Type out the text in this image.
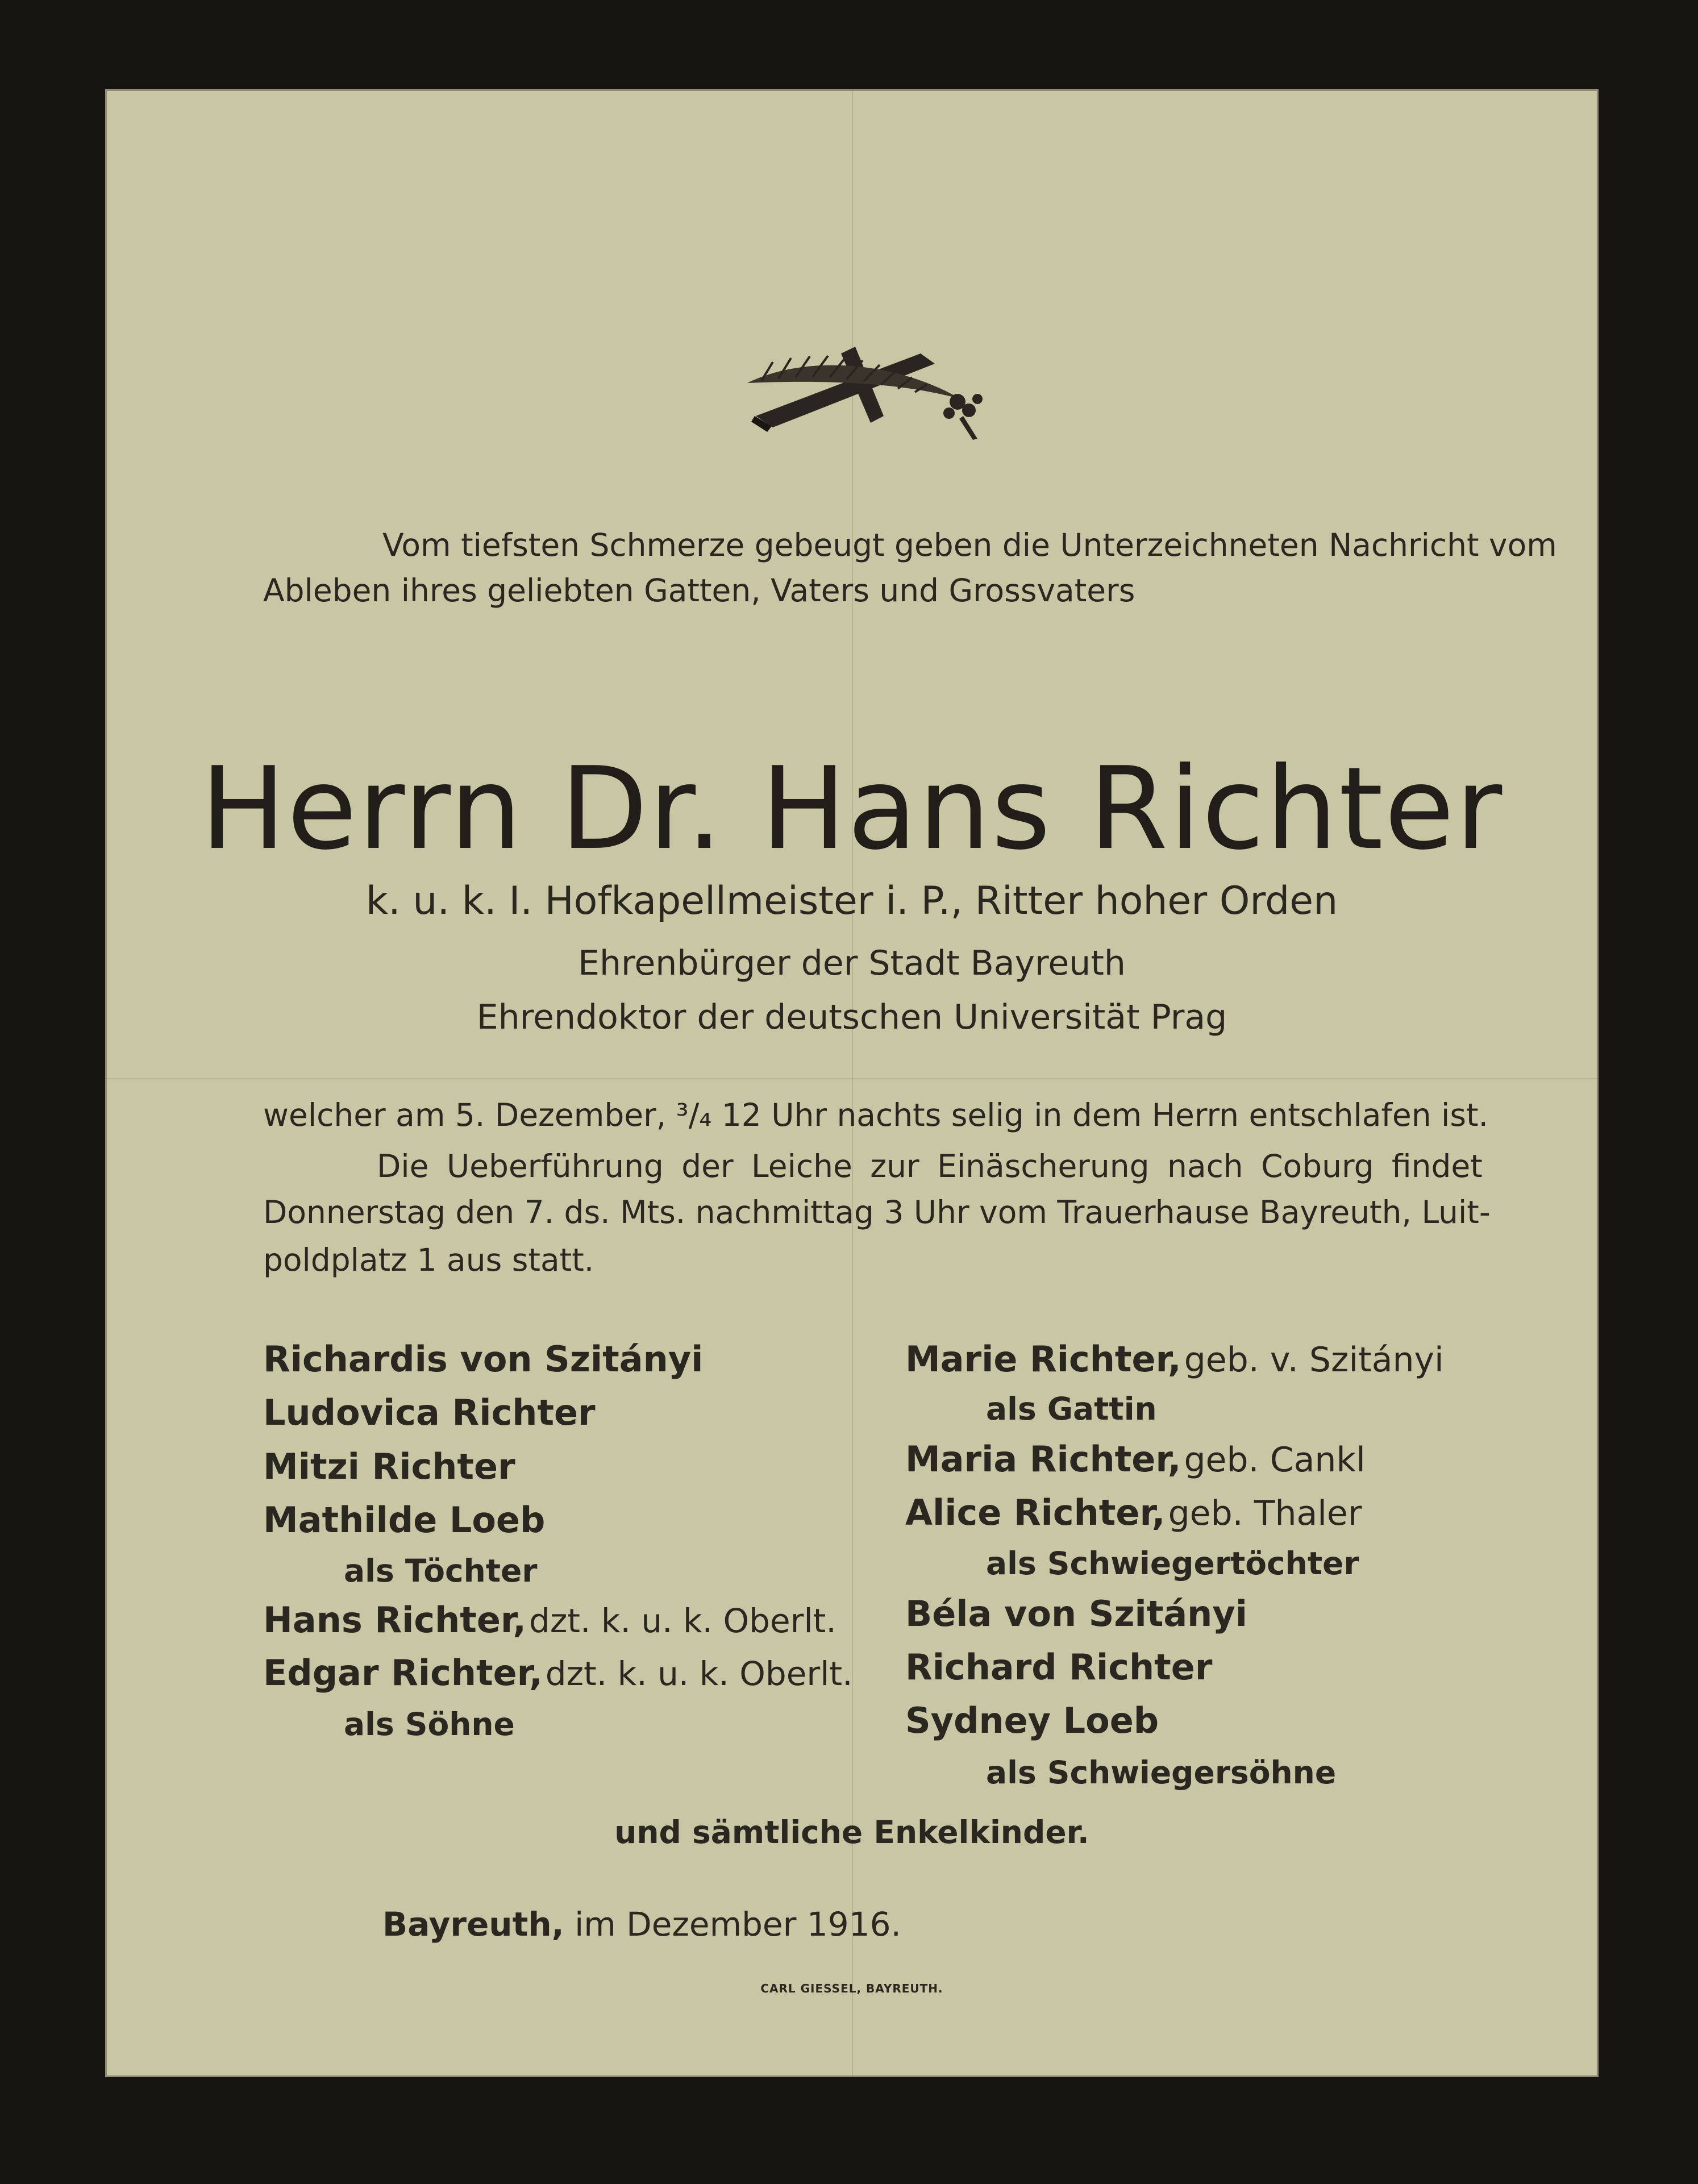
Vom tiefsten Schmerze gebeugt geben die Unterzeichneten Nachricht vom
Ableben ihres geliebten Gatten, Vaters und Grossvaters
Herrn Dr. Hans Richter
k. u. k. I. Hofkapellmeister i. P., Ritter hoher Orden
Ehrenbürger der Stadt Bayreuth
Ehrendoktor der deutschen Universität Prag
welcher am 5. Dezember, ³/₄ 12 Uhr nachts selig in dem Herrn entschlafen ist.
Die Ueberführung der Leiche zur Einäscherung nach Coburg findet
Donnerstag den 7. ds. Mts. nachmittag 3 Uhr vom Trauerhause Bayreuth, Luit-
poldplatz 1 aus statt.
Richardis von Szitányi
Ludovica Richter
Mitzi Richter
Mathilde Loeb
als Töchter
Hans Richter, dzt. k. u. k. Oberlt.
Edgar Richter, dzt. k. u. k. Oberlt.
als Söhne
Marie Richter, geb. v. Szitányi
als Gattin
Maria Richter, geb. Cankl
Alice Richter, geb. Thaler
als Schwiegertöchter
Béla von Szitányi
Richard Richter
Sydney Loeb
als Schwiegersöhne
und sämtliche Enkelkinder.
Bayreuth, im Dezember 1916.
CARL GIESSEL, BAYREUTH.
